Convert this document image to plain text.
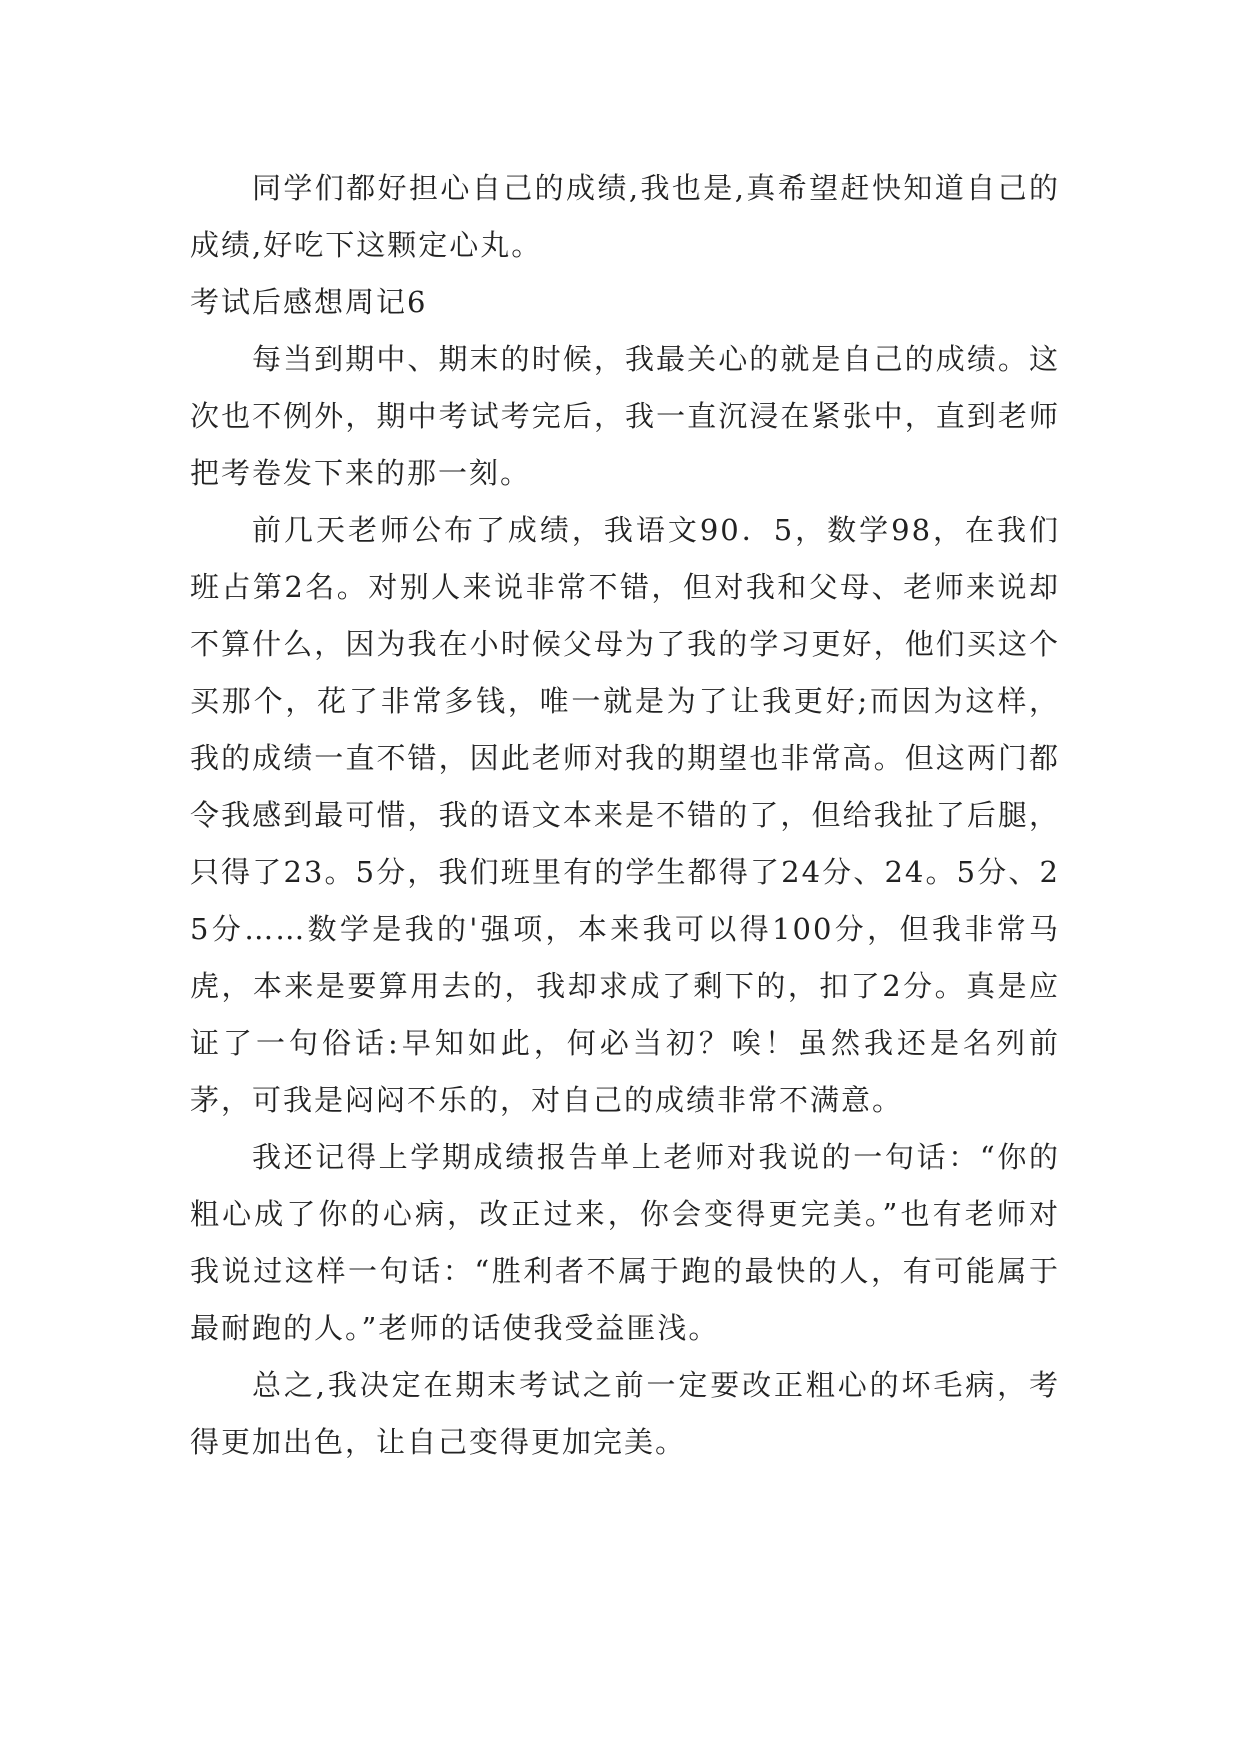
同学们都好担心自己的成绩,我也是,真希望赶快知道自己的成绩,好吃下这颗定心丸。

考试后感想周记6

每当到期中、期末的时候，我最关心的就是自己的成绩。这次也不例外，期中考试考完后，我一直沉浸在紧张中，直到老师把考卷发下来的那一刻。

前几天老师公布了成绩，我语文90．5，数学98，在我们班占第2名。对别人来说非常不错，但对我和父母、老师来说却不算什么，因为我在小时候父母为了我的学习更好，他们买这个买那个，花了非常多钱，唯一就是为了让我更好;而因为这样，我的成绩一直不错，因此老师对我的期望也非常高。但这两门都令我感到最可惜，我的语文本来是不错的了，但给我扯了后腿，只得了23。5分，我们班里有的学生都得了24分、24。5分、25分……数学是我的'强项，本来我可以得100分，但我非常马虎，本来是要算用去的，我却求成了剩下的，扣了2分。真是应证了一句俗话:早知如此，何必当初？唉！虽然我还是名列前茅，可我是闷闷不乐的，对自己的成绩非常不满意。

我还记得上学期成绩报告单上老师对我说的一句话：“你的粗心成了你的心病，改正过来，你会变得更完美。”也有老师对我说过这样一句话：“胜利者不属于跑的最快的人，有可能属于最耐跑的人。”老师的话使我受益匪浅。

总之,我决定在期末考试之前一定要改正粗心的坏毛病，考得更加出色，让自己变得更加完美。
